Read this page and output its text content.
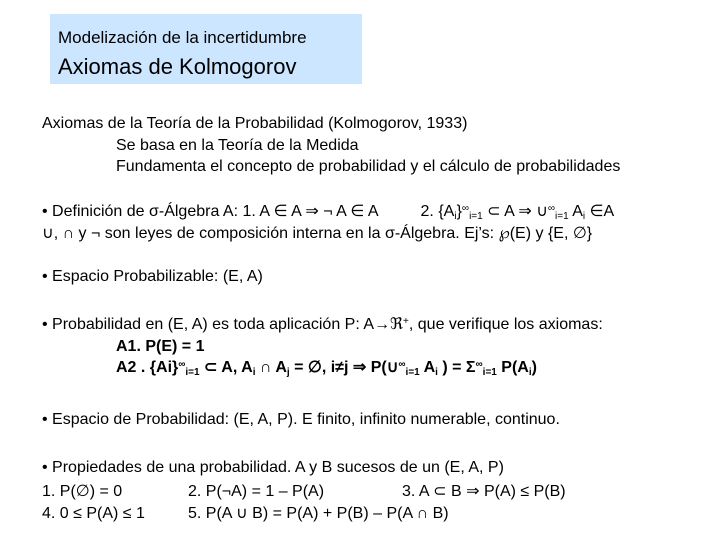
Modelización de la incertidumbre
Axiomas de Kolmogorov
Axiomas de la Teoría de la Probabilidad (Kolmogorov, 1933)
Se basa en la Teoría de la Medida
Fundamenta el concepto de probabilidad y el cálculo de probabilidades
• Definición de σ-Álgebra A: 1. A ∈ A ⇒ ¬ A ∈ A	2. $\{A_i\}^\infty_{i=1}$ ⊂ A ⇒ $\cup^\infty_{i=1}$ $A_i$ ∈A
∪, ∩ y ¬ son leyes de composición interna en la σ-Álgebra. Ej’s: ℘(E) y {E, ∅}
• Espacio Probabilizable: (E, A)
• Probabilidad en (E, A) es toda aplicación P: A→ℜ+, que verifique los axiomas:
A1. P(E) = 1
A2 . $\{Ai\}^\infty_{i=1}$ ⊂ A, $A_i$ ∩ $A_j$ = ∅, i≠j ⇒ $P(\cup^\infty_{i=1}$ $A_i$ ) = $\Sigma^\infty_{i=1}$ $P(A_i)$
• Espacio de Probabilidad: (E, A, P). E finito, infinito numerable, continuo.
• Propiedades de una probabilidad. A y B sucesos de un (E, A, P)
1. P(∅) = 0	2. P(¬A) = 1 – P(A)	3. A ⊂ B ⇒ P(A) ≤ P(B)
4. 0 ≤ P(A) ≤ 1	5. P(A ∪ B) = P(A) + P(B) – P(A ∩ B)
